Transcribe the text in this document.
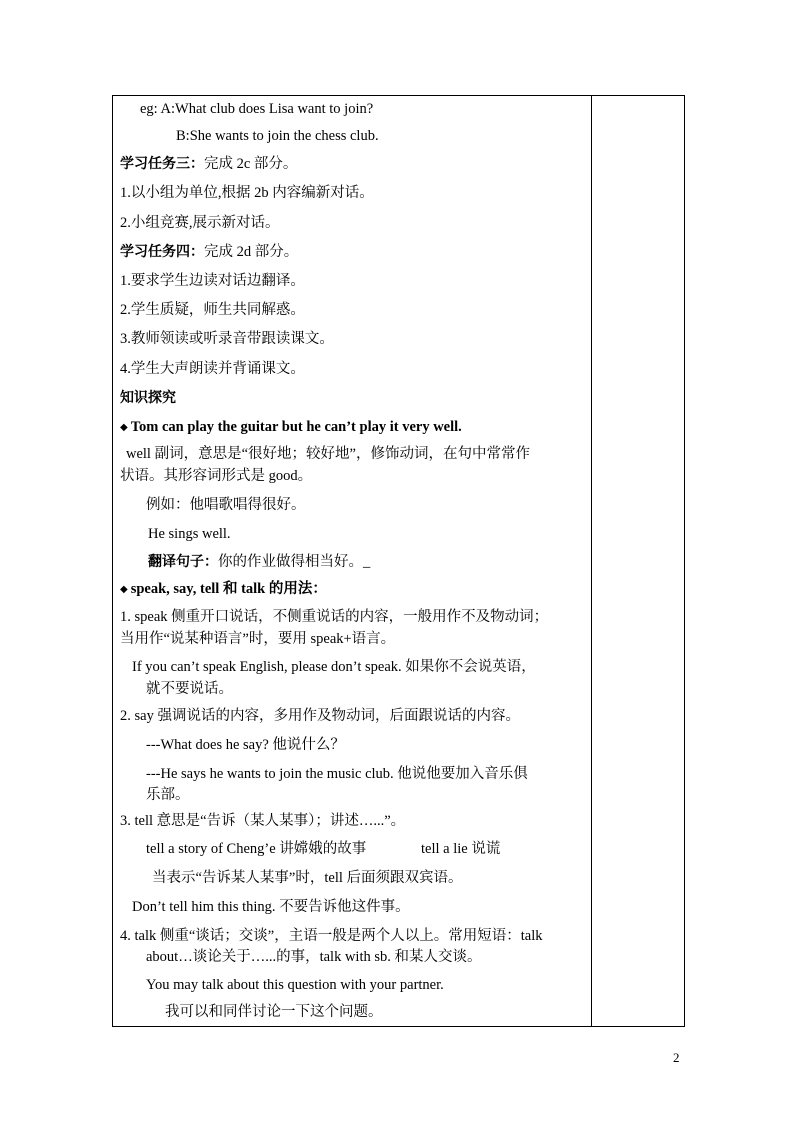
eg: A:What club does Lisa want to join?
B:She wants to join the chess club.
学习任务三：完成 2c 部分。
1.以小组为单位,根据 2b 内容编新对话。
2.小组竞赛,展示新对话。
学习任务四：完成 2d 部分。
1.要求学生边读对话边翻译。
2.学生质疑，师生共同解惑。
3.教师领读或听录音带跟读课文。
4.学生大声朗读并背诵课文。
知识探究
◆ Tom can play the guitar but he can’t play it very well.
well 副词，意思是“很好地；较好地”，修饰动词，在句中常常作
状语。其形容词形式是 good。
例如：他唱歌唱得很好。
He sings well.
翻译句子：你的作业做得相当好。_
◆ speak, say, tell 和 talk 的用法：
1. speak 侧重开口说话，不侧重说话的内容，一般用作不及物动词；
当用作“说某种语言”时，要用 speak+语言。
If you can’t speak English, please don’t speak. 如果你不会说英语，
就不要说话。
2. say 强调说话的内容，多用作及物动词，后面跟说话的内容。
---What does he say? 他说什么？
---He says he wants to join the music club. 他说他要加入音乐俱
乐部。
3. tell 意思是“告诉（某人某事）；讲述…...”。
tell a story of Cheng’e 讲嫦娥的故事	tell a lie 说谎
当表示“告诉某人某事”时，tell 后面须跟双宾语。
Don’t tell him this thing. 不要告诉他这件事。
4. talk 侧重“谈话；交谈”，主语一般是两个人以上。常用短语：talk
about…谈论关于…...的事，talk with sb. 和某人交谈。
You may talk about this question with your partner.
我可以和同伴讨论一下这个问题。
2
